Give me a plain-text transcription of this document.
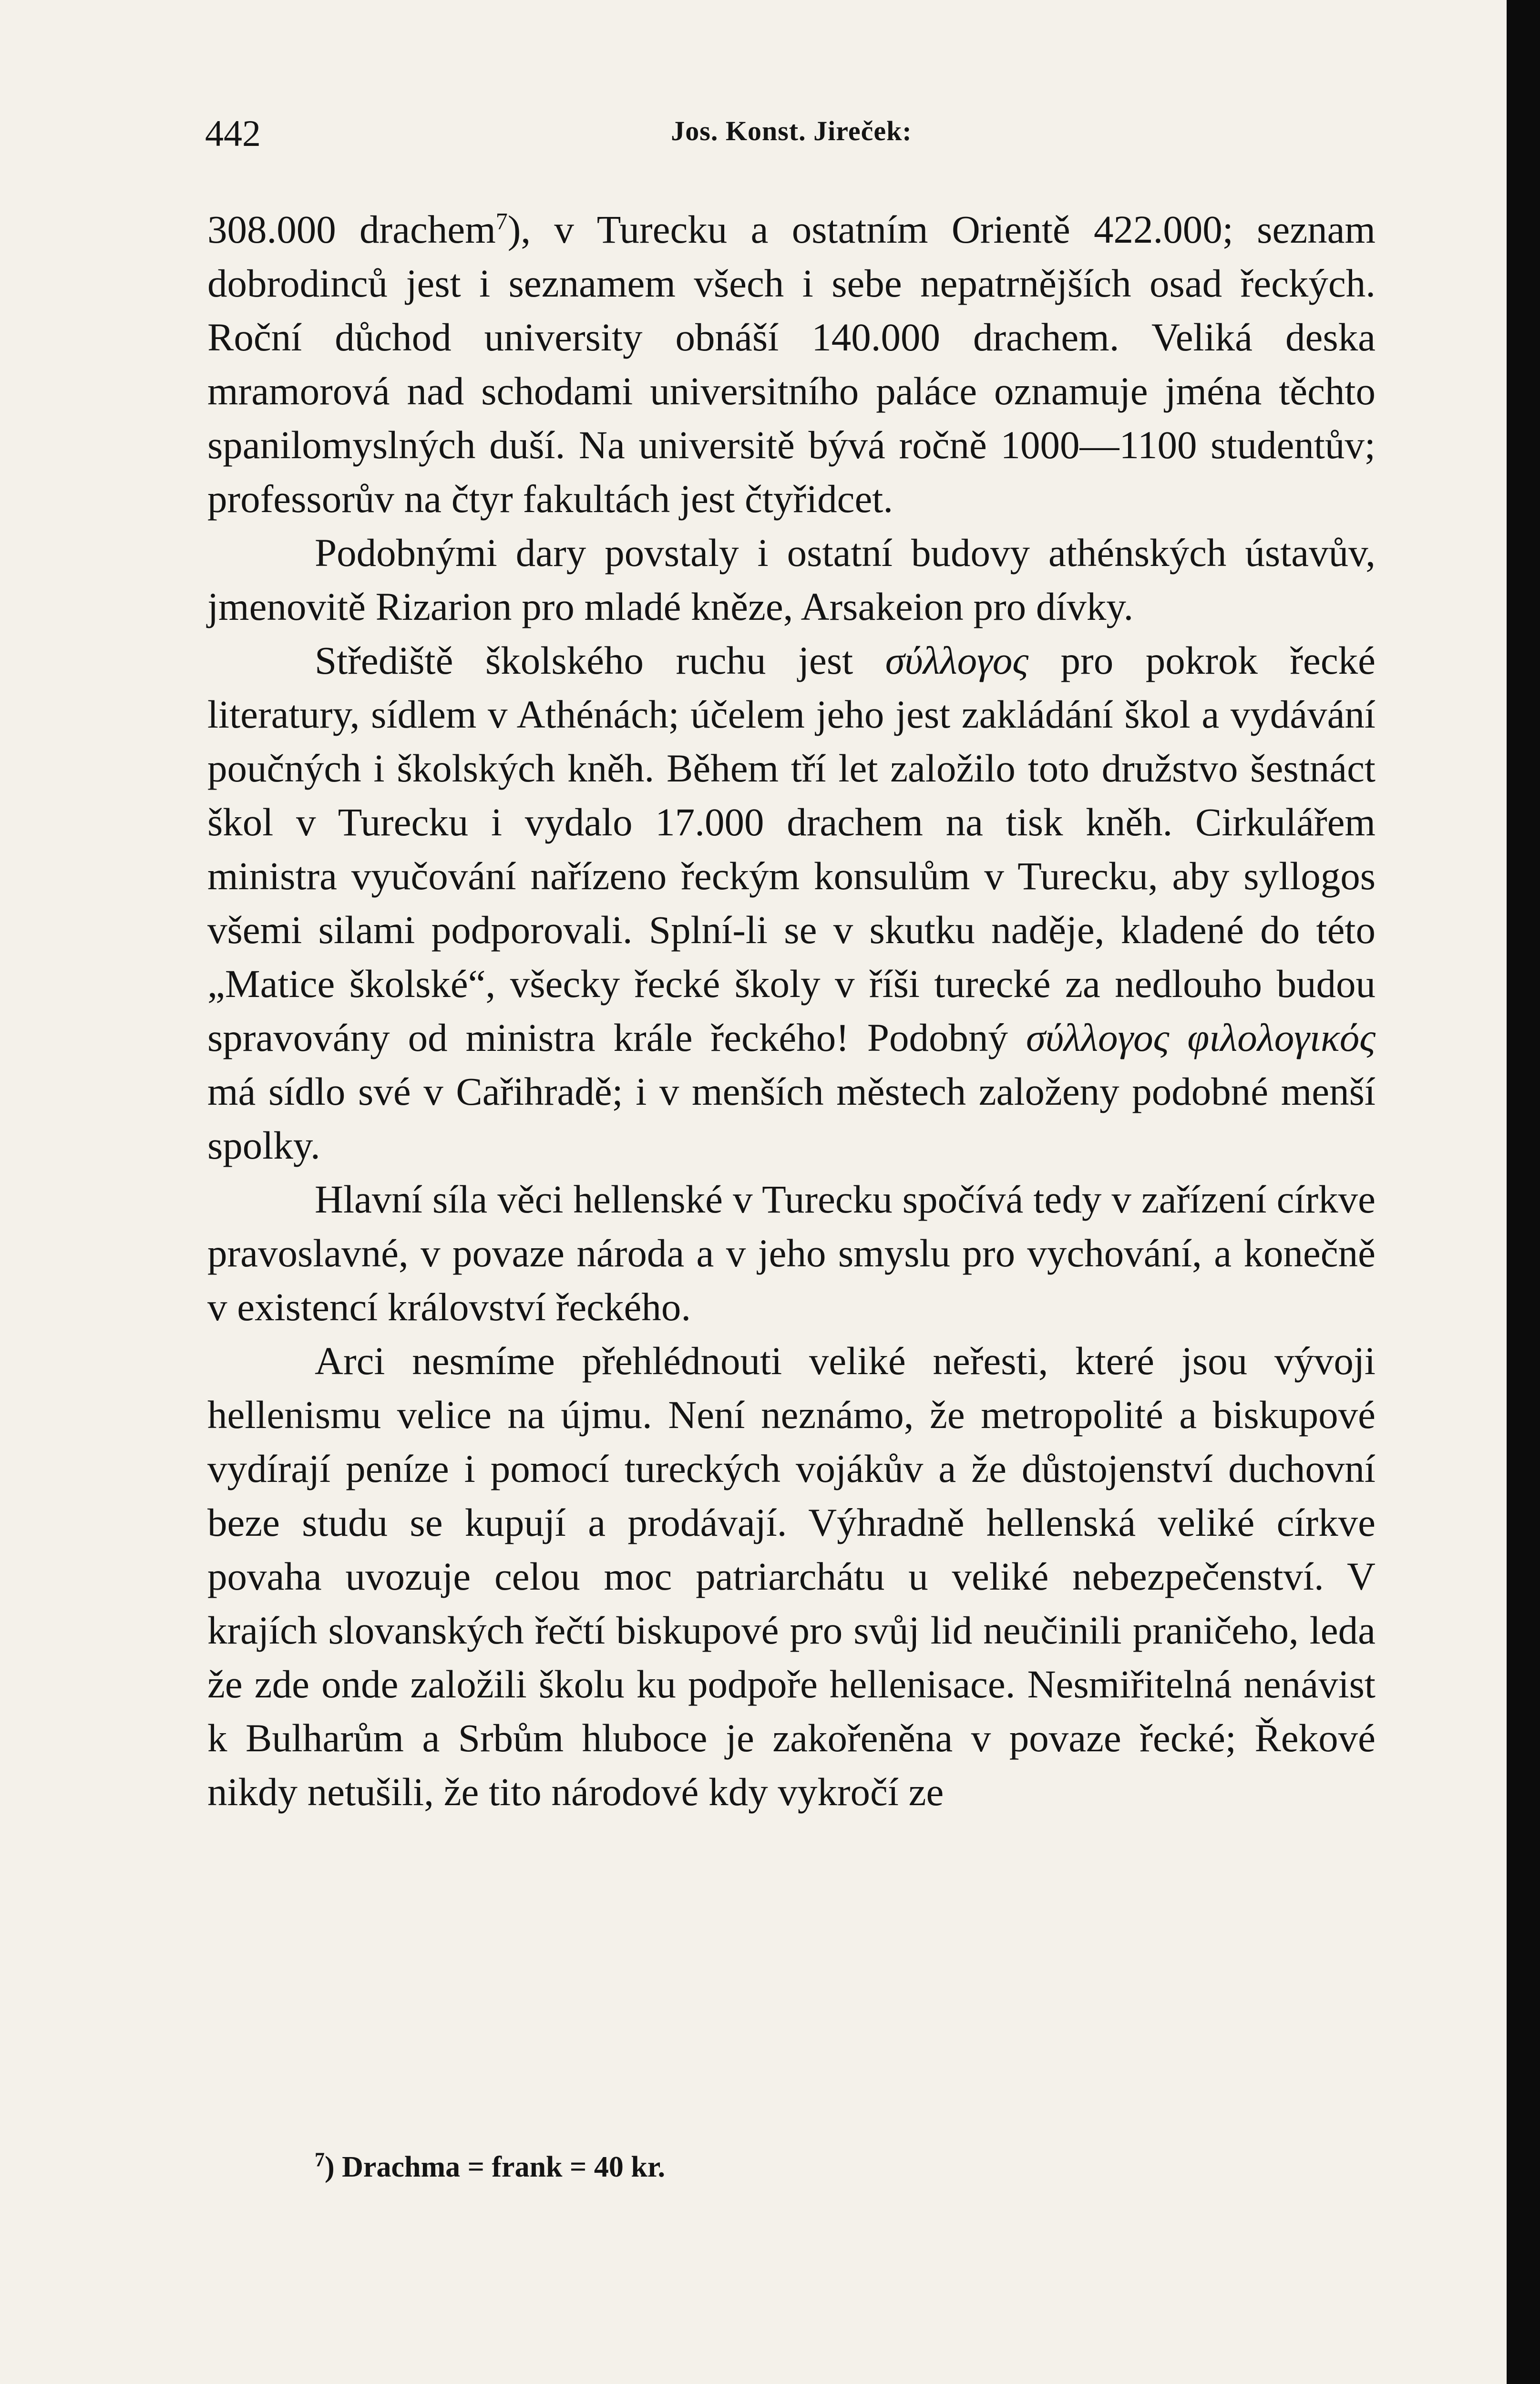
442	Jos. Konst. Jireček:

308.000 drachem$^7$), v Turecku a ostatním Orientě 422.000; seznam dobrodinců jest i seznamem všech i sebe nepatrnějších osad řeckých. Roční důchod university obnáší 140.000 drachem. Veliká deska mramorová nad schodami universitního paláce oznamuje jména těchto spanilomyslných duší. Na universitě bývá ročně 1000—1100 studentův; professorův na čtyr fakultách jest čtyřidcet.

Podobnými dary povstaly i ostatní budovy athénských ústavův, jmenovitě Rizarion pro mladé kněze, Arsakeion pro dívky.

Střediště školského ruchu jest σύλλογος pro pokrok řecké literatury, sídlem v Athénách; účelem jeho jest zakládání škol a vydávání poučných i školských kněh. Během tří let založilo toto družstvo šestnáct škol v Turecku i vydalo 17.000 drachem na tisk kněh. Cirkulářem ministra vyučování nařízeno řeckým konsulům v Turecku, aby syllogos všemi silami podporovali. Splní-li se v skutku naděje, kladené do této „Matice školské“, všecky řecké školy v říši turecké za nedlouho budou spravovány od ministra krále řeckého! Podobný σύλλογος φιλολογικός má sídlo své v Cařihradě; i v menších městech založeny podobné menší spolky.

Hlavní síla věci hellenské v Turecku spočívá tedy v zařízení církve pravoslavné, v povaze národa a v jeho smyslu pro vychování, a konečně v existencí království řeckého.

Arci nesmíme přehlédnouti veliké neřesti, které jsou vývoji hellenismu velice na újmu. Není neznámo, že metropolité a biskupové vydírají peníze i pomocí tureckých vojákův a že důstojenství duchovní beze studu se kupují a prodávají. Výhradně hellenská veliké církve povaha uvozuje celou moc patriarchátu u veliké nebezpečenství. V krajích slovanských řečtí biskupové pro svůj lid neučinili praničeho, leda že zde onde založili školu ku podpoře hellenisace. Nesmiřitelná nenávist k Bulharům a Srbům hluboce je zakořeněna v povaze řecké; Řekové nikdy netušili, že tito národové kdy vykročí ze

$^7$) Drachma = frank = 40 kr.
